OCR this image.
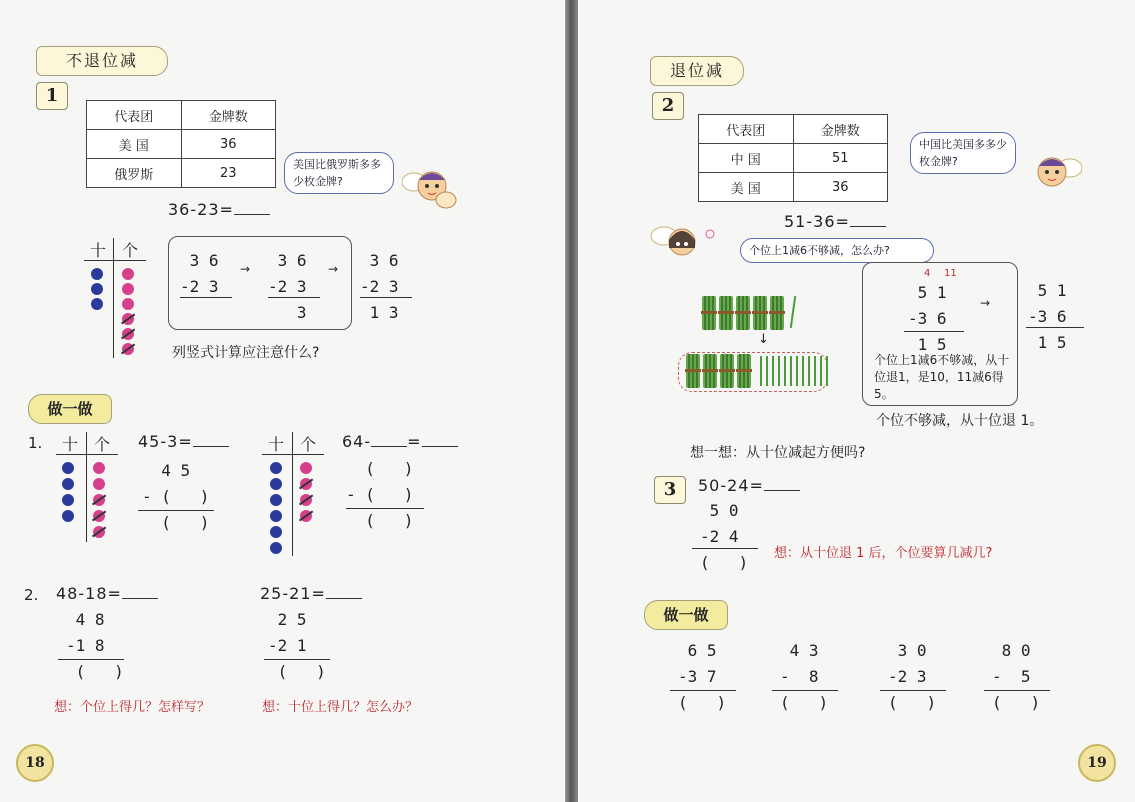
不退位减
1
代表团	金牌数
美 国	36
俄罗斯	23
美国比俄罗斯多多少枚金牌?
36-23=
十 个
3 6
-2 3
→ 3 6
-2 3
3
→ 3 6
-2 3
1 3
列竖式计算应注意什么?
做一做
1. 十 个 45-3=
4 5
- (   )
(   )
十 个 64- =
(   )
- (   )
(   )
2. 48-18=
4 8
-1 8
(   )
25-21=
2 5
-2 1
(   )
想：个位上得几？怎样写？	想：十位上得几？怎么办？
18
退位减
2
代表团	金牌数
中 国	51
美 国	36
中国比美国多多少枚金牌?
51-36=
个位上1减6不够减，怎么办?
↓
4 11
5 1
-3 6
1 5
个位上1减6不够减，从十位退1，是10，11减6得5。
→
5 1
-3 6
1 5
个位不够减，从十位退 1。
想一想：从十位减起方便吗?
3	50-24=
5 0
-2 4
(   ) 想：从十位退 1 后，个位要算几减几?
做一做
6 5
-3 7
(   )
4 3
-  8
(   )
3 0
-2 3
(   )
8 0
-  5
(   )
19
